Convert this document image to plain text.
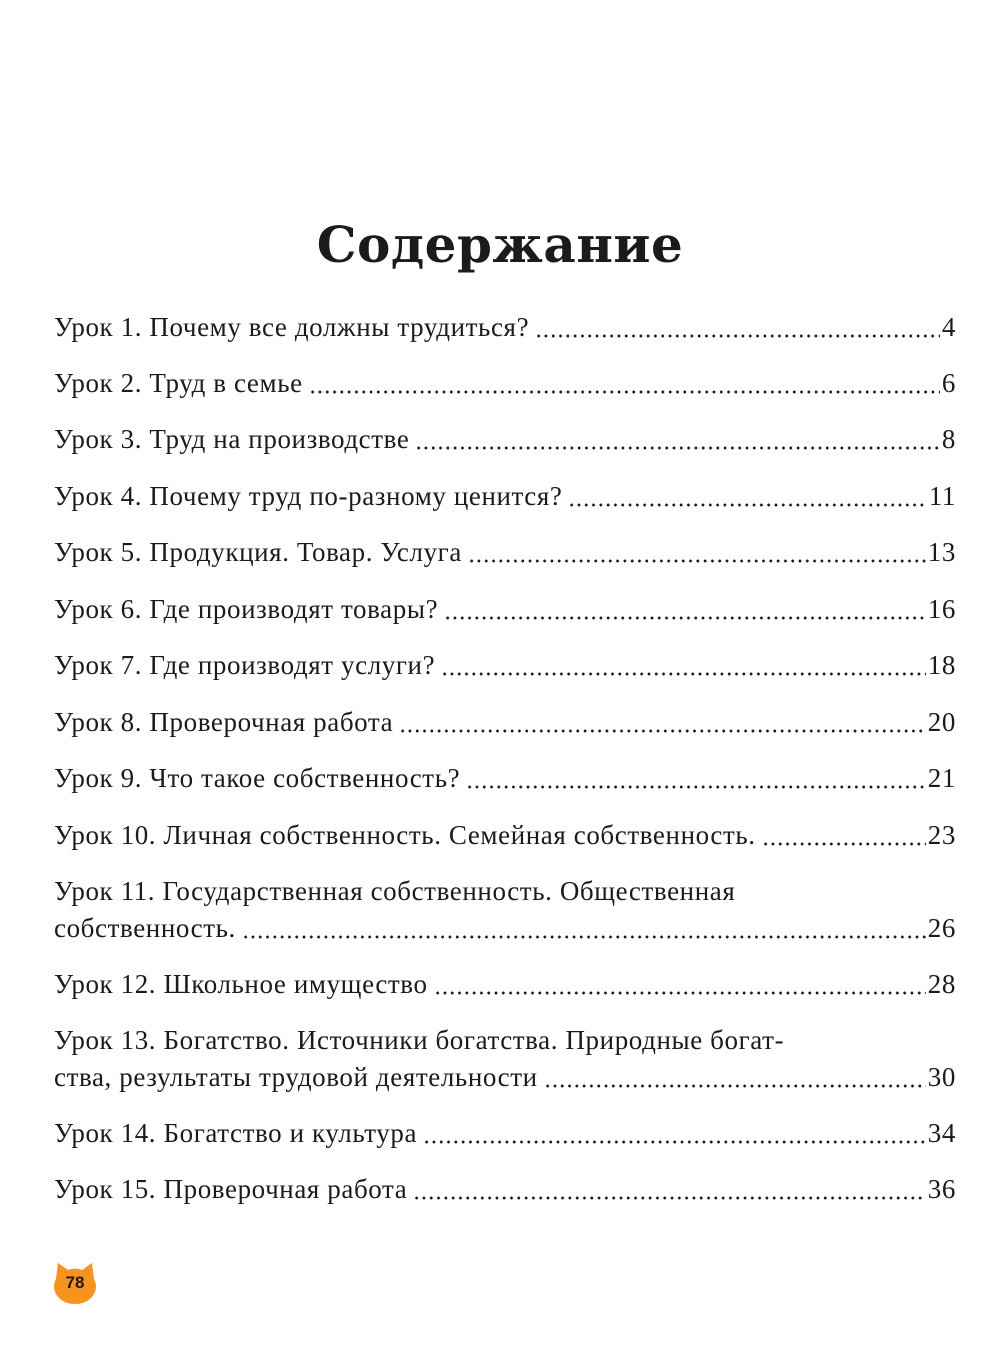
Содержание
Урок 1. Почему все должны трудиться?	4
Урок 2. Труд в семье	6
Урок 3. Труд на производстве	8
Урок 4. Почему труд по-разному ценится?	11
Урок 5. Продукция. Товар. Услуга	13
Урок 6. Где производят товары?	16
Урок 7. Где производят услуги?	18
Урок 8. Проверочная работа	20
Урок 9. Что такое собственность?	21
Урок 10. Личная собственность. Семейная собственность.	23
Урок 11. Государственная собственность. Общественная
собственность.	26
Урок 12. Школьное имущество	28
Урок 13. Богатство. Источники богатства. Природные богат-
ства, результаты трудовой деятельности	30
Урок 14. Богатство и культура	34
Урок 15. Проверочная работа	36
78
